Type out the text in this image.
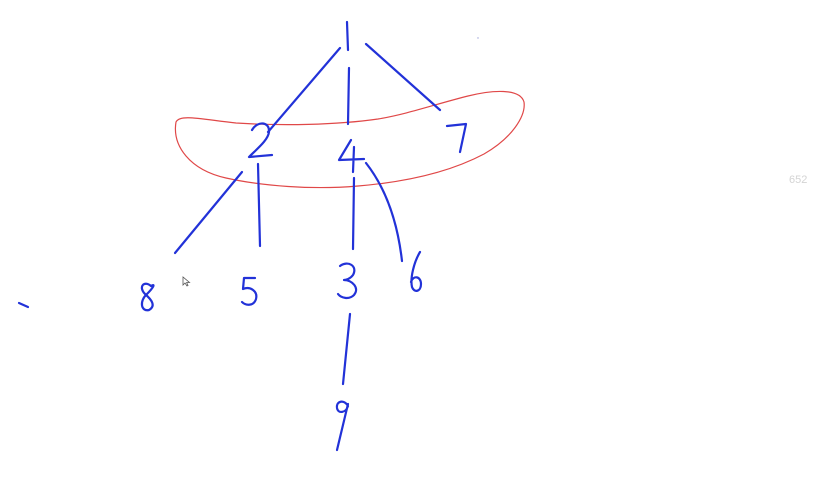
652
